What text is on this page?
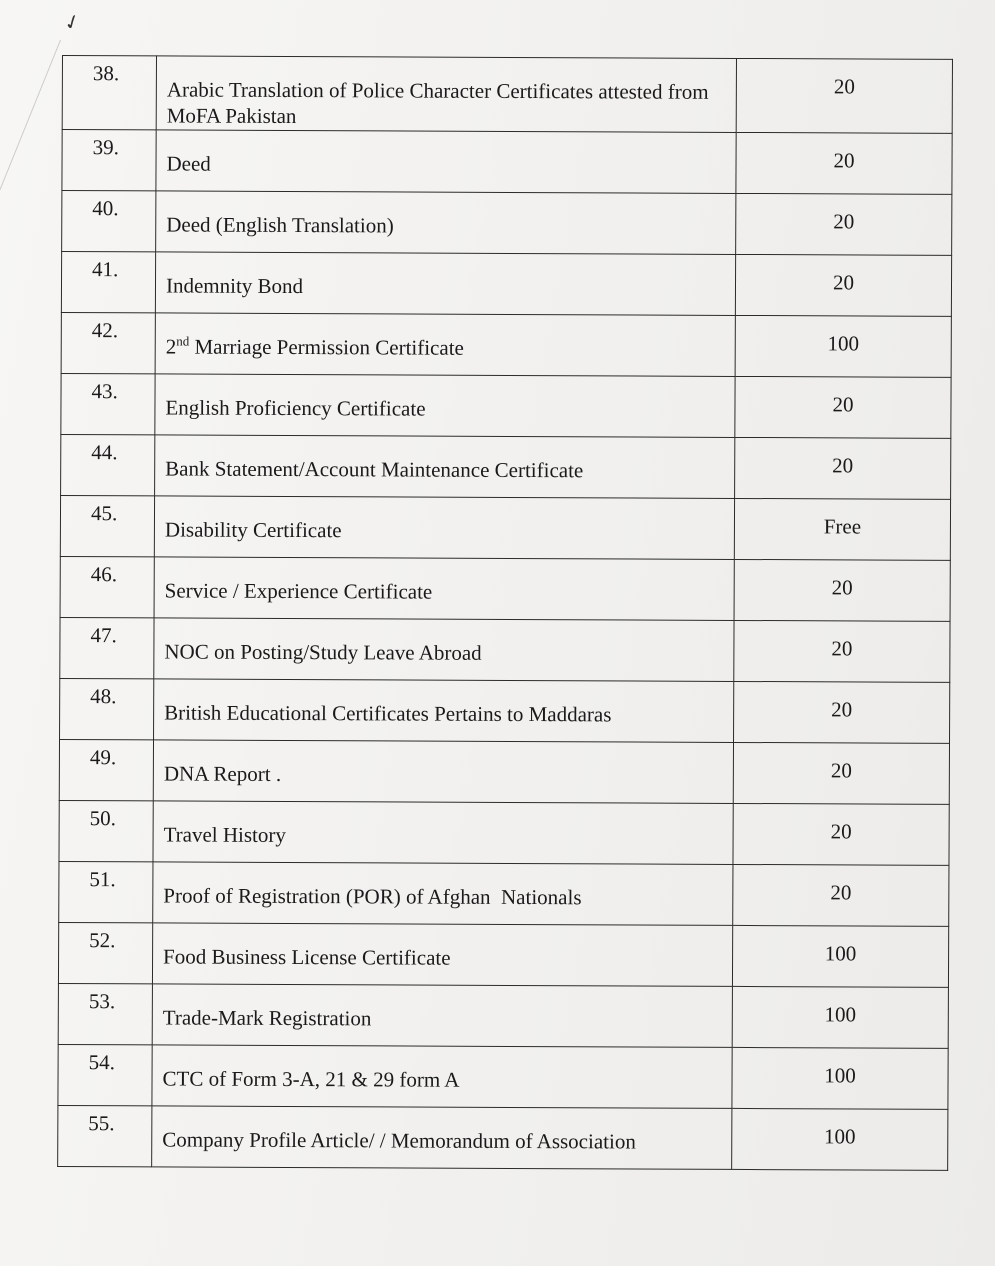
✓
38.	Arabic Translation of Police Character Certificates attested from MoFA Pakistan	20
39.	Deed	20
40.	Deed (English Translation)	20
41.	Indemnity Bond	20
42.	2nd Marriage Permission Certificate	100
43.	English Proficiency Certificate	20
44.	Bank Statement/Account Maintenance Certificate	20
45.	Disability Certificate	Free
46.	Service / Experience Certificate	20
47.	NOC on Posting/Study Leave Abroad	20
48.	British Educational Certificates Pertains to Maddaras	20
49.	DNA Report .	20
50.	Travel History	20
51.	Proof of Registration (POR) of Afghan  Nationals	20
52.	Food Business License Certificate	100
53.	Trade-Mark Registration	100
54.	CTC of Form 3-A, 21 & 29 form A	100
55.	Company Profile Article/ / Memorandum of Association	100
